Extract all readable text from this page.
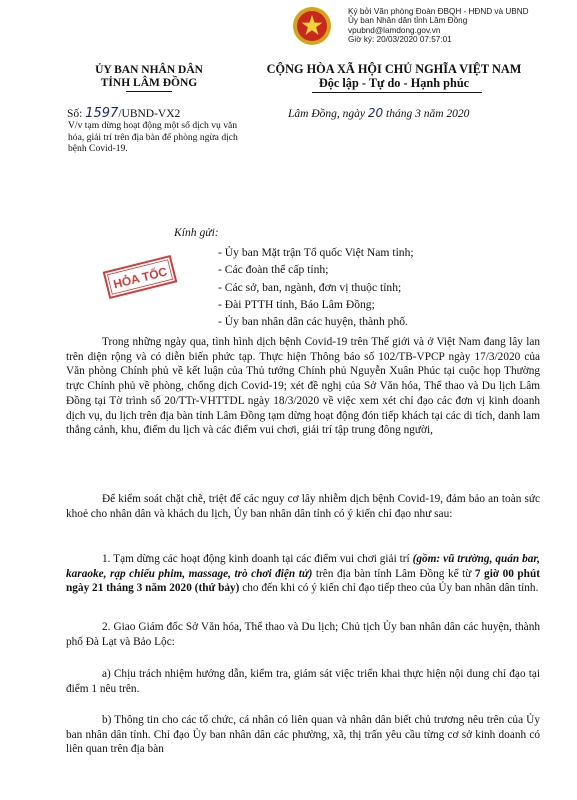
Ký bởi Văn phòng Đoàn ĐBQH - HĐND và UBND
Ủy ban Nhân dân tỉnh Lâm Đồng
vpubnd@lamdong.gov.vn
Giờ ký: 20/03/2020 07:57:01
ỦY BAN NHÂN DÂN
TỈNH LÂM ĐỒNG
CỘNG HÒA XÃ HỘI CHỦ NGHĨA VIỆT NAM
Độc lập - Tự do - Hạnh phúc
Số: 1597/UBND-VX2	Lâm Đồng, ngày 20 tháng 3 năm 2020
V/v tạm dừng hoạt động một số dịch vụ văn hóa, giải trí trên địa bàn để phòng ngừa dịch bệnh Covid-19.
Kính gửi:
- Ủy ban Mặt trận Tổ quốc Việt Nam tỉnh;
- Các đoàn thể cấp tỉnh;
- Các sở, ban, ngành, đơn vị thuộc tỉnh;
- Đài PTTH tỉnh, Báo Lâm Đồng;
- Ủy ban nhân dân các huyện, thành phố.
HỎA TỐC

Trong những ngày qua, tình hình dịch bệnh Covid-19 trên Thế giới và ở Việt Nam đang lây lan trên diện rộng và có diễn biến phức tạp. Thực hiện Thông báo số 102/TB-VPCP ngày 17/3/2020 của Văn phòng Chính phủ về kết luận của Thủ tướng Chính phủ Nguyễn Xuân Phúc tại cuộc họp Thường trực Chính phủ về phòng, chống dịch Covid-19; xét đề nghị của Sở Văn hóa, Thể thao và Du lịch Lâm Đồng tại Tờ trình số 20/TTr-VHTTDL ngày 18/3/2020 về việc xem xét chỉ đạo các đơn vị kinh doanh dịch vụ, du lịch trên địa bàn tỉnh Lâm Đồng tạm dừng hoạt động đón tiếp khách tại các di tích, danh lam thắng cảnh, khu, điểm du lịch và các điểm vui chơi, giải trí tập trung đông người,

Để kiểm soát chặt chẽ, triệt để các nguy cơ lây nhiễm dịch bệnh Covid-19, đảm bảo an toàn sức khoẻ cho nhân dân và khách du lịch, Ủy ban nhân dân tỉnh có ý kiến chỉ đạo như sau:

1. Tạm dừng các hoạt động kinh doanh tại các điểm vui chơi giải trí (gồm: vũ trường, quán bar, karaoke, rạp chiếu phim, massage, trò chơi điện tử) trên địa bàn tỉnh Lâm Đồng kể từ 7 giờ 00 phút ngày 21 tháng 3 năm 2020 (thứ bảy) cho đến khi có ý kiến chỉ đạo tiếp theo của Ủy ban nhân dân tỉnh.

2. Giao Giám đốc Sở Văn hóa, Thể thao và Du lịch; Chủ tịch Ủy ban nhân dân các huyện, thành phố Đà Lạt và Bảo Lộc:

a) Chịu trách nhiệm hướng dẫn, kiểm tra, giám sát việc triển khai thực hiện nội dung chỉ đạo tại điểm 1 nêu trên.

b) Thông tin cho các tổ chức, cá nhân có liên quan và nhân dân biết chủ trương nêu trên của Ủy ban nhân dân tỉnh. Chỉ đạo Ủy ban nhân dân các phường, xã, thị trấn yêu cầu từng cơ sở kinh doanh có liên quan trên địa bàn
